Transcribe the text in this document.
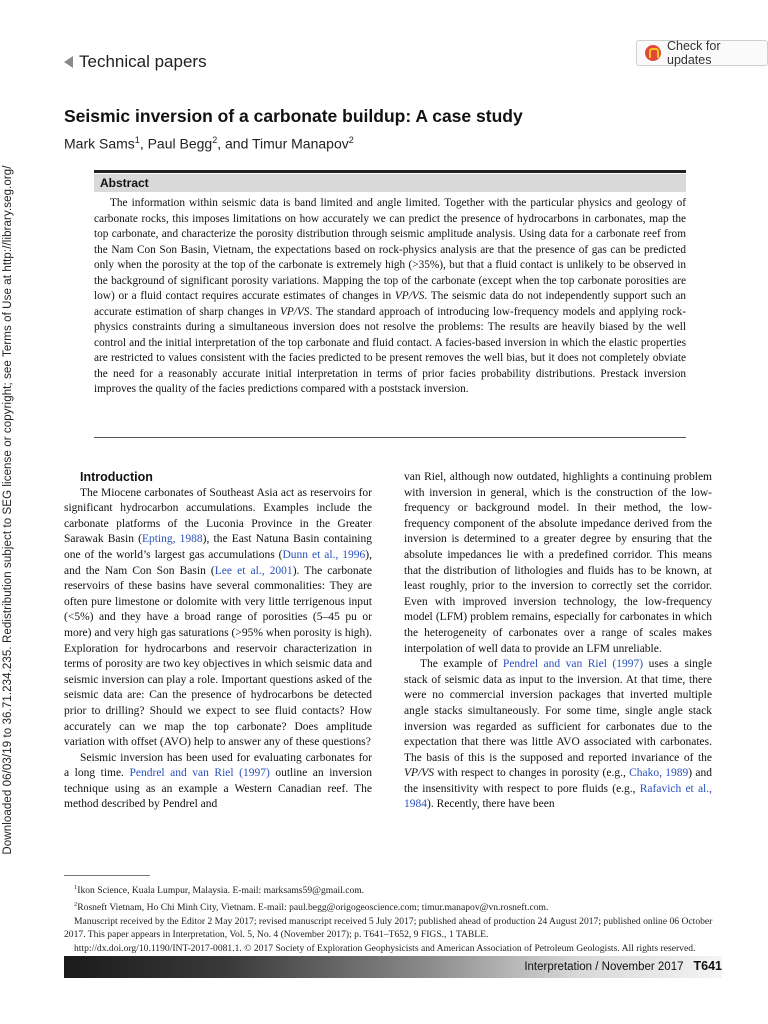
Downloaded 06/03/19 to 36.71.234.235. Redistribution subject to SEG license or copyright; see Terms of Use at http://library.seg.org/
Technical papers
Check for updates
Seismic inversion of a carbonate buildup: A case study
Mark Sams$^1$, Paul Begg$^2$, and Timur Manapov$^2$
Abstract
The information within seismic data is band limited and angle limited. Together with the particular physics and geology of carbonate rocks, this imposes limitations on how accurately we can predict the presence of hydrocarbons in carbonates, map the top carbonate, and characterize the porosity distribution through seismic amplitude analysis. Using data for a carbonate reef from the Nam Con Son Basin, Vietnam, the expectations based on rock-physics analysis are that the presence of gas can be predicted only when the porosity at the top of the carbonate is extremely high (>35%), but that a fluid contact is unlikely to be observed in the background of significant porosity variations. Mapping the top of the carbonate (except when the top carbonate porosities are low) or a fluid contact requires accurate estimates of changes in VP/VS. The seismic data do not independently support such an accurate estimation of sharp changes in VP/VS. The standard approach of introducing low-frequency models and applying rock-physics constraints during a simultaneous inversion does not resolve the problems: The results are heavily biased by the well control and the initial interpretation of the top carbonate and fluid contact. A facies-based inversion in which the elastic properties are restricted to values consistent with the facies predicted to be present removes the well bias, but it does not completely obviate the need for a reasonably accurate initial interpretation in terms of prior facies probability distributions. Prestack inversion improves the quality of the facies predictions compared with a poststack inversion.

Introduction

The Miocene carbonates of Southeast Asia act as reservoirs for significant hydrocarbon accumulations. Examples include the carbonate platforms of the Luconia Province in the Greater Sarawak Basin (Epting, 1988), the East Natuna Basin containing one of the world’s largest gas accumulations (Dunn et al., 1996), and the Nam Con Son Basin (Lee et al., 2001). The carbonate reservoirs of these basins have several commonalities: They are often pure limestone or dolomite with very little terrigenous input (<5%) and they have a broad range of porosities (5–45 pu or more) and very high gas saturations (>95% when porosity is high). Exploration for hydrocarbons and reservoir characterization in terms of porosity are two key objectives in which seismic data and seismic inversion can play a role. Important questions asked of the seismic data are: Can the presence of hydrocarbons be detected prior to drilling? Should we expect to see fluid contacts? How accurately can we map the top carbonate? Does amplitude variation with offset (AVO) help to answer any of these questions?

Seismic inversion has been used for evaluating carbonates for a long time. Pendrel and van Riel (1997) outline an inversion technique using as an example a Western Canadian reef. The method described by Pendrel and

van Riel, although now outdated, highlights a continuing problem with inversion in general, which is the construction of the low-frequency or background model. In their method, the low-frequency component of the absolute impedance derived from the inversion is determined to a greater degree by ensuring that the absolute impedances lie with a predefined corridor. This means that the distribution of lithologies and fluids has to be known, at least roughly, prior to the inversion to correctly set the corridor. Even with improved inversion technology, the low-frequency model (LFM) problem remains, especially for carbonates in which the heterogeneity of carbonates over a range of scales makes interpolation of well data to provide an LFM unreliable.

The example of Pendrel and van Riel (1997) uses a single stack of seismic data as input to the inversion. At that time, there were no commercial inversion packages that inverted multiple angle stacks simultaneously. For some time, single angle stack inversion was regarded as sufficient for carbonates due to the expectation that there was little AVO associated with carbonates. The basis of this is the supposed and reported invariance of the VP/VS with respect to changes in porosity (e.g., Chako, 1989) and the insensitivity with respect to pore fluids (e.g., Rafavich et al., 1984). Recently, there have been

$^1$Ikon Science, Kuala Lumpur, Malaysia. E-mail: marksams59@gmail.com.
$^2$Rosneft Vietnam, Ho Chi Minh City, Vietnam. E-mail: paul.begg@origogeoscience.com; timur.manapov@vn.rosneft.com.
Manuscript received by the Editor 2 May 2017; revised manuscript received 5 July 2017; published ahead of production 24 August 2017; published online 06 October 2017. This paper appears in Interpretation, Vol. 5, No. 4 (November 2017); p. T641–T652, 9 FIGS., 1 TABLE.
http://dx.doi.org/10.1190/INT-2017-0081.1. © 2017 Society of Exploration Geophysicists and American Association of Petroleum Geologists. All rights reserved.
Interpretation / November 2017 T641
